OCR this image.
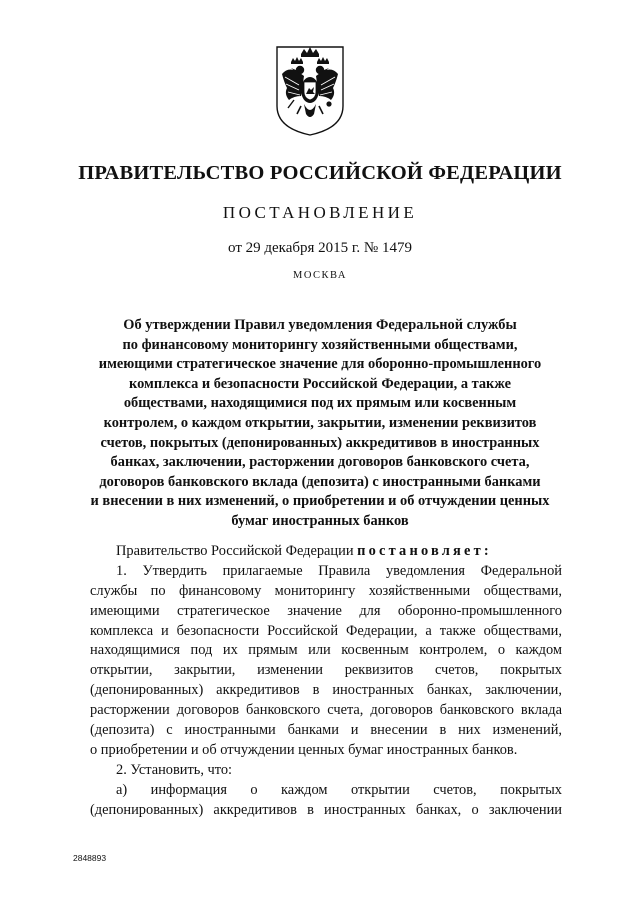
ПРАВИТЕЛЬСТВО РОССИЙСКОЙ ФЕДЕРАЦИИ
ПОСТАНОВЛЕНИЕ
от 29 декабря 2015 г. № 1479
МОСКВА
Об утверждении Правил уведомления Федеральной службы
по финансовому мониторингу хозяйственными обществами,
имеющими стратегическое значение для оборонно-промышленного
комплекса и безопасности Российской Федерации, а также
обществами, находящимися под их прямым или косвенным
контролем, о каждом открытии, закрытии, изменении реквизитов
счетов, покрытых (депонированных) аккредитивов в иностранных
банках, заключении, расторжении договоров банковского счета,
договоров банковского вклада (депозита) с иностранными банками
и внесении в них изменений, о приобретении и об отчуждении ценных
бумаг иностранных банков
Правительство Российской Федерации постановляет:
1. Утвердить прилагаемые Правила уведомления Федеральной
службы по финансовому мониторингу хозяйственными обществами,
имеющими стратегическое значение для оборонно-промышленного
комплекса и безопасности Российской Федерации, а также обществами,
находящимися под их прямым или косвенным контролем, о каждом
открытии, закрытии, изменении реквизитов счетов, покрытых
(депонированных) аккредитивов в иностранных банках, заключении,
расторжении договоров банковского счета, договоров банковского вклада
(депозита) с иностранными банками и внесении в них изменений,
о приобретении и об отчуждении ценных бумаг иностранных банков.
2. Установить, что:
а) информация о каждом открытии счетов, покрытых
(депонированных) аккредитивов в иностранных банках, о заключении
2848893
